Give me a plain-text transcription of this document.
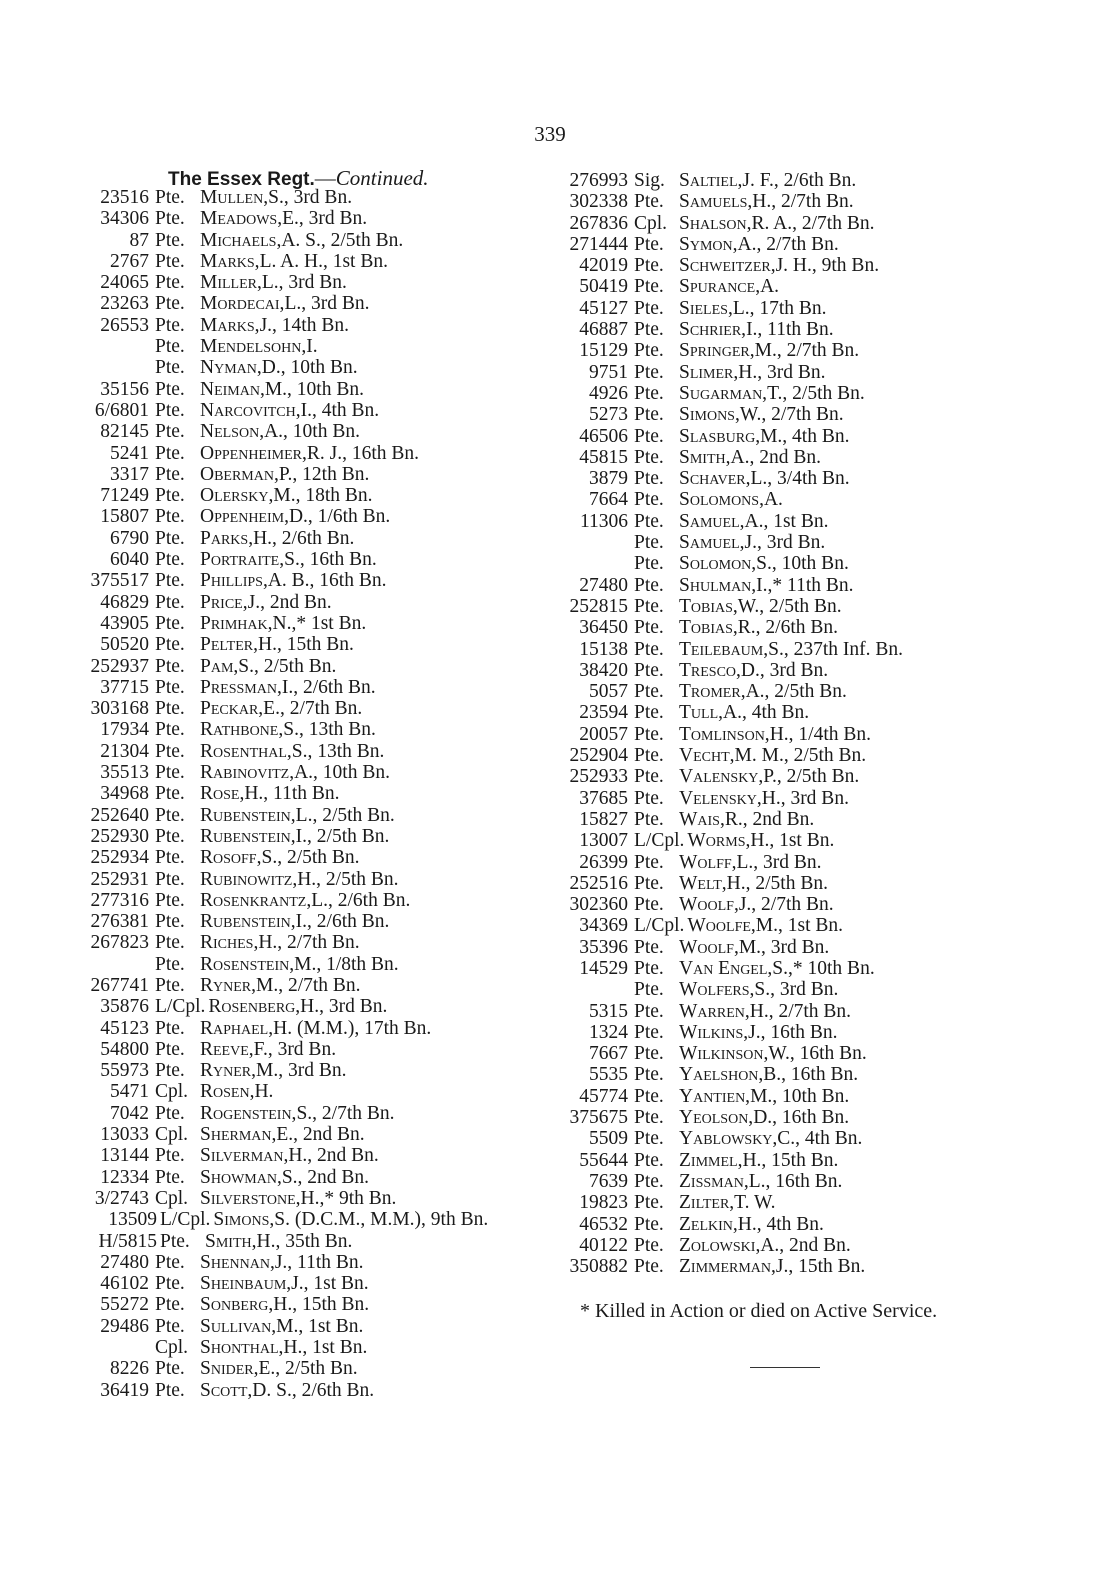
339
The Essex Regt.—Continued.
23516 Pte. Mullen, S., 3rd Bn.
34306 Pte. Meadows, E., 3rd Bn.
87 Pte. Michaels, A. S., 2/5th Bn.
2767 Pte. Marks, L. A. H., 1st Bn.
24065 Pte. Miller, L., 3rd Bn.
23263 Pte. Mordecai, L., 3rd Bn.
26553 Pte. Marks, J., 14th Bn.
Pte. Mendelsohn, I.
Pte. Nyman, D., 10th Bn.
35156 Pte. Neiman, M., 10th Bn.
6/6801 Pte. Narcovitch, I., 4th Bn.
82145 Pte. Nelson, A., 10th Bn.
5241 Pte. Oppenheimer, R. J., 16th Bn.
3317 Pte. Oberman, P., 12th Bn.
71249 Pte. Olersky, M., 18th Bn.
15807 Pte. Oppenheim, D., 1/6th Bn.
6790 Pte. Parks, H., 2/6th Bn.
6040 Pte. Portraite, S., 16th Bn.
375517 Pte. Phillips, A. B., 16th Bn.
46829 Pte. Price, J., 2nd Bn.
43905 Pte. Primhak, N.,* 1st Bn.
50520 Pte. Pelter, H., 15th Bn.
252937 Pte. Pam, S., 2/5th Bn.
37715 Pte. Pressman, I., 2/6th Bn.
303168 Pte. Peckar, E., 2/7th Bn.
17934 Pte. Rathbone, S., 13th Bn.
21304 Pte. Rosenthal, S., 13th Bn.
35513 Pte. Rabinovitz, A., 10th Bn.
34968 Pte. Rose, H., 11th Bn.
252640 Pte. Rubenstein, L., 2/5th Bn.
252930 Pte. Rubenstein, I., 2/5th Bn.
252934 Pte. Rosoff, S., 2/5th Bn.
252931 Pte. Rubinowitz, H., 2/5th Bn.
277316 Pte. Rosenkrantz, L., 2/6th Bn.
276381 Pte. Rubenstein, I., 2/6th Bn.
267823 Pte. Riches, H., 2/7th Bn.
Pte. Rosenstein, M., 1/8th Bn.
267741 Pte. Ryner, M., 2/7th Bn.
35876 L/Cpl. Rosenberg, H., 3rd Bn.
45123 Pte. Raphael, H. (M.M.), 17th Bn.
54800 Pte. Reeve, F., 3rd Bn.
55973 Pte. Ryner, M., 3rd Bn.
5471 Cpl. Rosen, H.
7042 Pte. Rogenstein, S., 2/7th Bn.
13033 Cpl. Sherman, E., 2nd Bn.
13144 Pte. Silverman, H., 2nd Bn.
12334 Pte. Showman, S., 2nd Bn.
3/2743 Cpl. Silverstone, H.,* 9th Bn.
13509 L/Cpl. Simons, S. (D.C.M., M.M.), 9th Bn.
H/5815 Pte. Smith, H., 35th Bn.
27480 Pte. Shennan, J., 11th Bn.
46102 Pte. Sheinbaum, J., 1st Bn.
55272 Pte. Sonberg, H., 15th Bn.
29486 Pte. Sullivan, M., 1st Bn.
Cpl. Shonthal, H., 1st Bn.
8226 Pte. Snider, E., 2/5th Bn.
36419 Pte. Scott, D. S., 2/6th Bn.
276993 Sig. Saltiel, J. F., 2/6th Bn.
302338 Pte. Samuels, H., 2/7th Bn.
267836 Cpl. Shalson, R. A., 2/7th Bn.
271444 Pte. Symon, A., 2/7th Bn.
42019 Pte. Schweitzer, J. H., 9th Bn.
50419 Pte. Spurance, A.
45127 Pte. Sieles, L., 17th Bn.
46887 Pte. Schrier, I., 11th Bn.
15129 Pte. Springer, M., 2/7th Bn.
9751 Pte. Slimer, H., 3rd Bn.
4926 Pte. Sugarman, T., 2/5th Bn.
5273 Pte. Simons, W., 2/7th Bn.
46506 Pte. Slasburg, M., 4th Bn.
45815 Pte. Smith, A., 2nd Bn.
3879 Pte. Schaver, L., 3/4th Bn.
7664 Pte. Solomons, A.
11306 Pte. Samuel, A., 1st Bn.
Pte. Samuel, J., 3rd Bn.
Pte. Solomon, S., 10th Bn.
27480 Pte. Shulman, I.,* 11th Bn.
252815 Pte. Tobias, W., 2/5th Bn.
36450 Pte. Tobias, R., 2/6th Bn.
15138 Pte. Teilebaum, S., 237th Inf. Bn.
38420 Pte. Tresco, D., 3rd Bn.
5057 Pte. Tromer, A., 2/5th Bn.
23594 Pte. Tull, A., 4th Bn.
20057 Pte. Tomlinson, H., 1/4th Bn.
252904 Pte. Vecht, M. M., 2/5th Bn.
252933 Pte. Valensky, P., 2/5th Bn.
37685 Pte. Velensky, H., 3rd Bn.
15827 Pte. Wais, R., 2nd Bn.
13007 L/Cpl. Worms, H., 1st Bn.
26399 Pte. Wolff, L., 3rd Bn.
252516 Pte. Welt, H., 2/5th Bn.
302360 Pte. Woolf, J., 2/7th Bn.
34369 L/Cpl. Woolfe, M., 1st Bn.
35396 Pte. Woolf, M., 3rd Bn.
14529 Pte. Van Engel, S.,* 10th Bn.
Pte. Wolfers, S., 3rd Bn.
5315 Pte. Warren, H., 2/7th Bn.
1324 Pte. Wilkins, J., 16th Bn.
7667 Pte. Wilkinson, W., 16th Bn.
5535 Pte. Yaelshon, B., 16th Bn.
45774 Pte. Yantien, M., 10th Bn.
375675 Pte. Yeolson, D., 16th Bn.
5509 Pte. Yablowsky, C., 4th Bn.
55644 Pte. Zimmel, H., 15th Bn.
7639 Pte. Zissman, L., 16th Bn.
19823 Pte. Zilter, T. W.
46532 Pte. Zelkin, H., 4th Bn.
40122 Pte. Zolowski, A., 2nd Bn.
350882 Pte. Zimmerman, J., 15th Bn.
* Killed in Action or died on Active Service.
